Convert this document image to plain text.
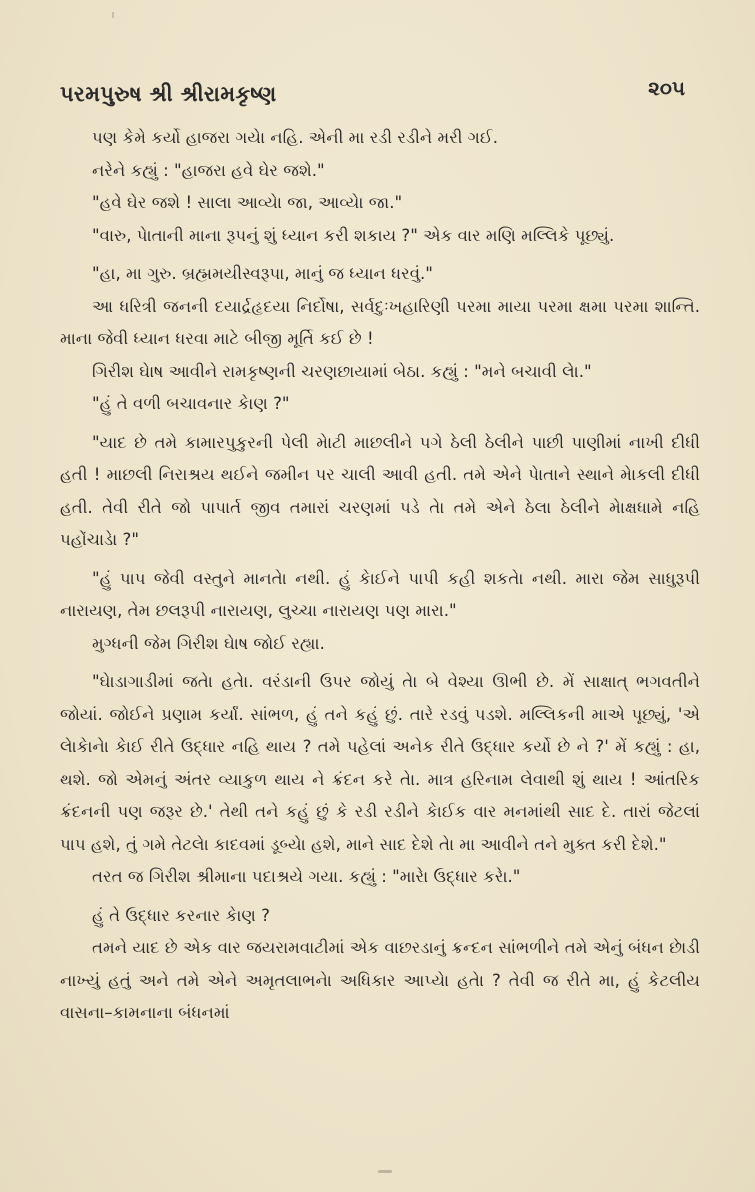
પરમપુરુષ શ્રી શ્રીરામકૃષ્ણ	૨૦૫

પણ કેમે કર્યો હાજરા ગયેા નહિ. એની મા રડી રડીને મરી ગઈ.

નરેને કહ્યું : "હાજરા હવે ઘેર જશે."

"હવે ઘેર જશે ! સાલા આવ્યેા જા, આવ્યેા જા."

"વારુ, પેાતાની માના રૂપનું શું ધ્યાન કરી શકાય ?" એક વાર મણિ મલ્લિકે પૂછ્યું.

"હા, મા ગુરુ. બ્રહ્મમયીસ્વરૂપા, માનું જ ધ્યાન ધરવું."

આ ધરિત્રી જનની દયાર્દ્રહૃદયા નિર્દોષા, સર્વદુઃખહારિણી પરમા માયા પરમા ક્ષમા પરમા શાન્તિ. માના જેવી ધ્યાન ધરવા માટે બીજી મૂર્તિ કઈ છે !

ગિરીશ ઘેાષ આવીને રામકૃષ્ણની ચરણછાયામાં બેઠા. કહ્યું : "મને બચાવી લેા."

"હું તે વળી બચાવનાર કેાણ ?"

"યાદ છે તમે કામારપુકુરની પેલી મેાટી માછલીને પગે ઠેલી ઠેલીને પાછી પાણીમાં નાખી દીધી હતી ! માછલી નિરાશ્રય થઈને જમીન પર ચાલી આવી હતી. તમે એને પેાતાને સ્થાને મેાકલી દીધી હતી. તેવી રીતે જો પાપાર્ત જીવ તમારાં ચરણમાં પડે તેા તમે એને ઠેલા ઠેલીને મેાક્ષધામે નહિ પહોંચાડેા ?"

"હું પાપ જેવી વસ્તુને માનતેા નથી. હું કેાઈને પાપી કહી શકતેા નથી. મારા જેમ સાધુરૂપી નારાયણ, તેમ છલરૂપી નારાયણ, લુચ્ચા નારાયણ પણ મારા."

મુગ્ધની જેમ ગિરીશ ઘેાષ જોઈ રહ્યા.

"ઘેાડાગાડીમાં જતેા હતેા. વરંડાની ઉપર જોયું તેા બે વેશ્યા ઊભી છે. મેં સાક્ષાત્ ભગવતીને જોયાં. જોઈને પ્રણામ કર્યાં. સાંભળ, હું તને કહું છું. તારે રડવું પડશે. મલ્લિકની માએ પૂછ્યું, 'એ લેાકેાનેા કેાઈ રીતે ઉદ્ધાર નહિ થાય ? તમે પહેલાં અનેક રીતે ઉદ્ધાર કર્યો છે ને ?' મેં કહ્યું : હા, થશે. જો એમનું અંતર વ્યાકુળ થાય ને ક્રંદન કરે તેા. માત્ર હરિનામ લેવાથી શું થાય ! આંતરિક ક્રંદનની પણ જરૂર છે.' તેથી તને કહું છું કે રડી રડીને કેાઈક વાર મનમાંથી સાદ દે. તારાં જેટલાં પાપ હશે, તું ગમે તેટલેા કાદવમાં ડૂબ્યેા હશે, માને સાદ દેશે તેા મા આવીને તને મુક્ત કરી દેશે."

તરત જ ગિરીશ શ્રીમાના પદાશ્રયે ગયા. કહ્યું : "મારેા ઉદ્ધાર કરેા."

હું તે ઉદ્ધાર કરનાર કેાણ ?

તમને યાદ છે એક વાર જયરામવાટીમાં એક વાછરડાનું ક્રન્દન સાંભળીને તમે એનું બંધન છેાડી નાખ્યું હતું અને તમે એને અમૃતલાભનેા અધિકાર આપ્યેા હતેા ? તેવી જ રીતે મા, હું કેટલીય વાસના–કામનાના બંધનમાં
